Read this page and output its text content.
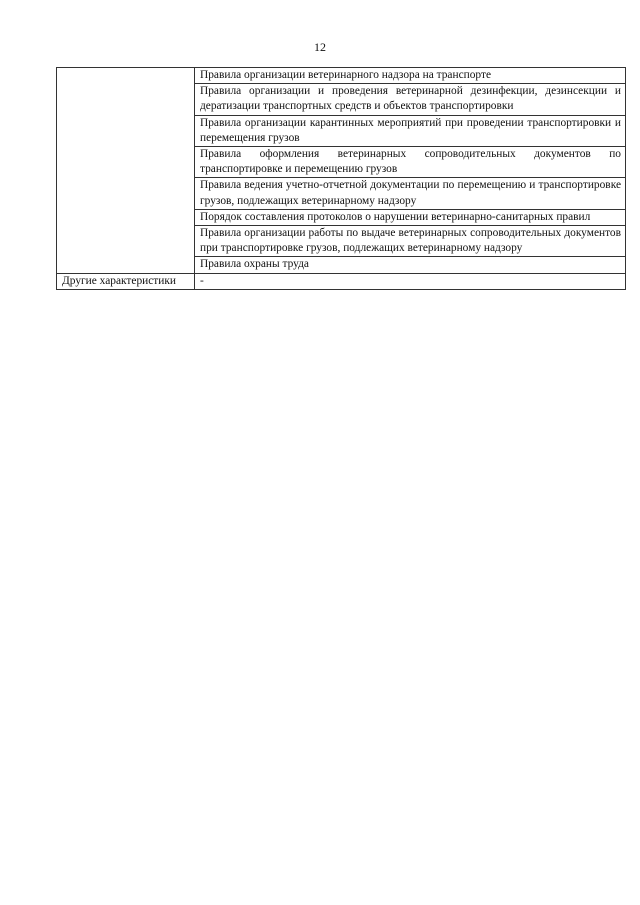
12
	Правила организации ветеринарного надзора на транспорте
	Правила организации и проведения ветеринарной дезинфекции, дезинсекции и дератизации транспортных средств и объектов транспортировки
	Правила организации карантинных мероприятий при проведении транспортировки и перемещения грузов
	Правила оформления ветеринарных сопроводительных документов по транспортировке и перемещению грузов
	Правила ведения учетно-отчетной документации по перемещению и транспортировке грузов, подлежащих ветеринарному надзору
	Порядок составления протоколов о нарушении ветеринарно-санитарных правил
	Правила организации работы по выдаче ветеринарных сопроводительных документов при транспортировке грузов, подлежащих ветеринарному надзору
	Правила охраны труда
Другие характеристики	-
